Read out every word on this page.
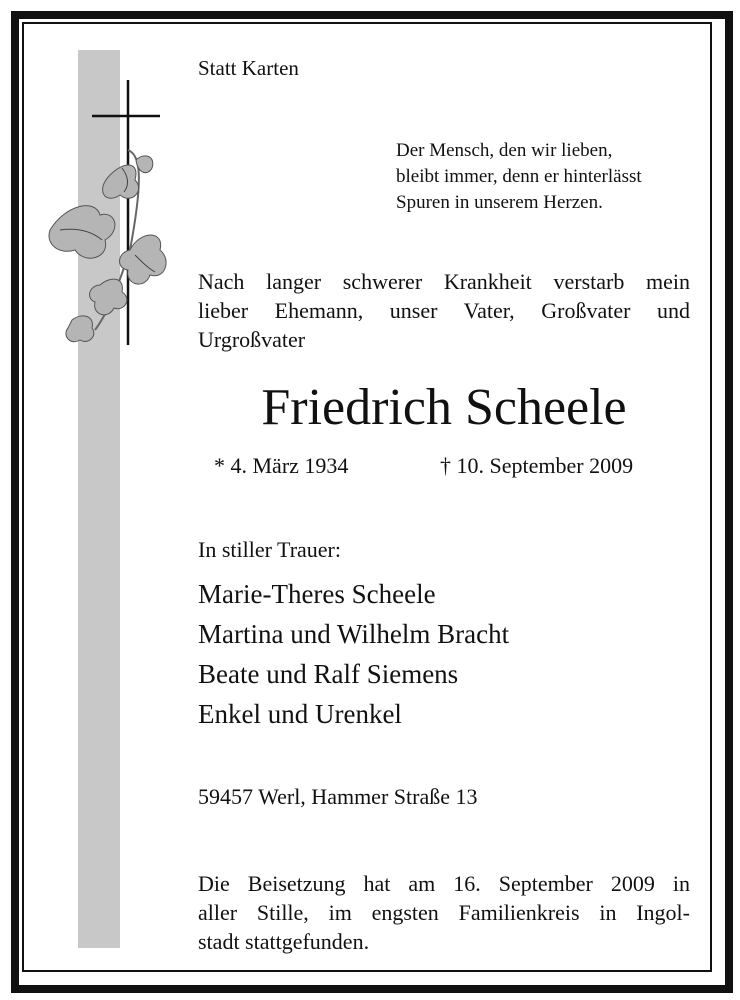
Statt Karten

Der Mensch, den wir lieben,
bleibt immer, denn er hinterlässt
Spuren in unserem Herzen.
Nach langer schwerer Krankheit verstarb mein
lieber Ehemann, unser Vater, Großvater und
Urgroßvater
Friedrich Scheele

* 4. März 1934	† 10. September 2009

In stiller Trauer:

Marie-Theres Scheele
Martina und Wilhelm Bracht
Beate und Ralf Siemens
Enkel und Urenkel

59457 Werl, Hammer Straße 13

Die Beisetzung hat am 16. September 2009 in
aller Stille, im engsten Familienkreis in Ingol-
stadt stattgefunden.
